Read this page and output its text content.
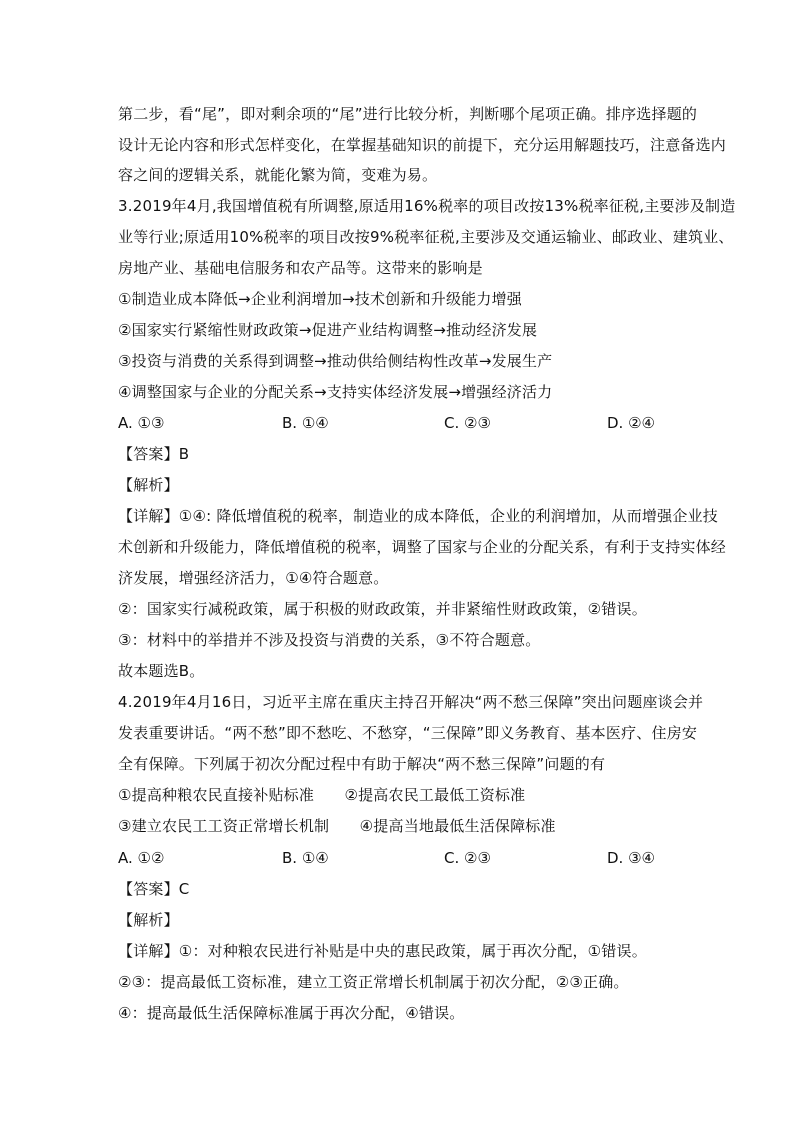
第二步，看“尾”，即对剩余项的“尾”进行比较分析，判断哪个尾项正确。排序选择题的
设计无论内容和形式怎样变化，在掌握基础知识的前提下，充分运用解题技巧，注意备选内
容之间的逻辑关系，就能化繁为简，变难为易。
3.2019年4月,我国增值税有所调整,原适用16%税率的项目改按13%税率征税,主要涉及制造
业等行业;原适用10%税率的项目改按9%税率征税,主要涉及交通运输业、邮政业、建筑业、
房地产业、基础电信服务和农产品等。这带来的影响是
①制造业成本降低→企业利润增加→技术创新和升级能力增强
②国家实行紧缩性财政政策→促进产业结构调整→推动经济发展
③投资与消费的关系得到调整→推动供给侧结构性改革→发展生产
④调整国家与企业的分配关系→支持实体经济发展→增强经济活力
A. ①③	B. ①④	C. ②③	D. ②④
【答案】B
【解析】
【详解】①④: 降低增值税的税率，制造业的成本降低，企业的利润增加，从而增强企业技
术创新和升级能力，降低增值税的税率，调整了国家与企业的分配关系，有利于支持实体经
济发展，增强经济活力，①④符合题意。
②：国家实行减税政策，属于积极的财政政策，并非紧缩性财政政策，②错误。
③：材料中的举措并不涉及投资与消费的关系，③不符合题意。
故本题选B。
4.2019年4月16日，习近平主席在重庆主持召开解决“两不愁三保障”突出问题座谈会并
发表重要讲话。“两不愁”即不愁吃、不愁穿，“三保障”即义务教育、基本医疗、住房安
全有保障。下列属于初次分配过程中有助于解决“两不愁三保障”问题的有
①提高种粮农民直接补贴标准　　②提高农民工最低工资标准
③建立农民工工资正常增长机制　　④提高当地最低生活保障标准
A. ①②	B. ①④	C. ②③	D. ③④
【答案】C
【解析】
【详解】①：对种粮农民进行补贴是中央的惠民政策，属于再次分配，①错误。
②③：提高最低工资标准，建立工资正常增长机制属于初次分配，②③正确。
④：提高最低生活保障标准属于再次分配，④错误。
